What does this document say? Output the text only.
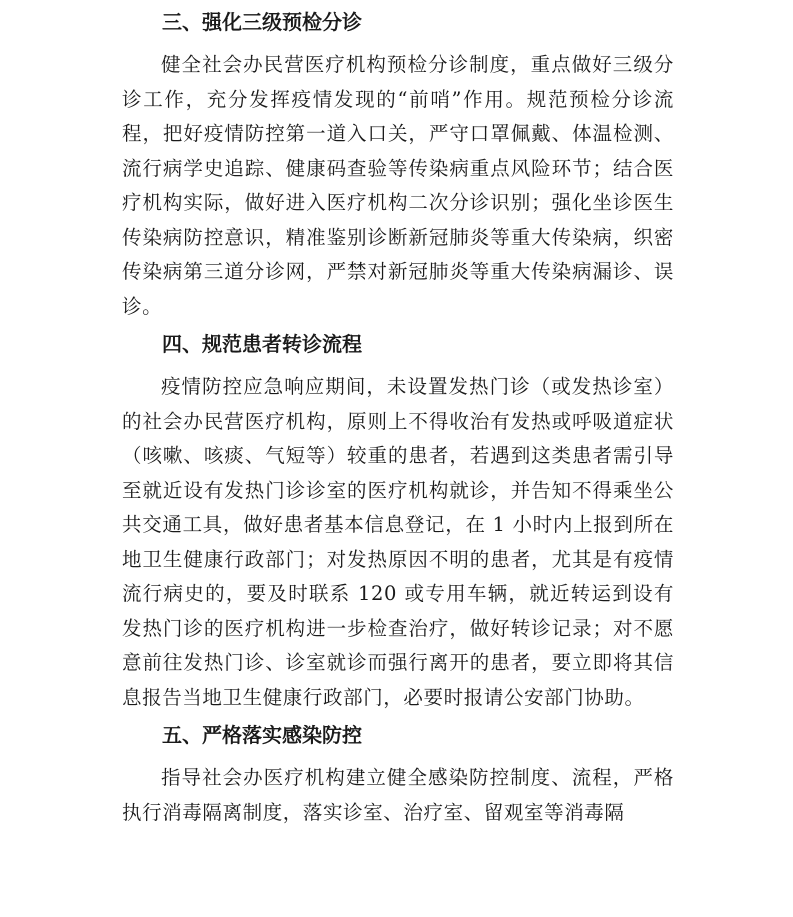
三、强化三级预检分诊

健全社会办民营医疗机构预检分诊制度，重点做好三级分诊工作，充分发挥疫情发现的“前哨”作用。规范预检分诊流程，把好疫情防控第一道入口关，严守口罩佩戴、体温检测、流行病学史追踪、健康码查验等传染病重点风险环节；结合医疗机构实际，做好进入医疗机构二次分诊识别；强化坐诊医生传染病防控意识，精准鉴别诊断新冠肺炎等重大传染病，织密传染病第三道分诊网，严禁对新冠肺炎等重大传染病漏诊、误诊。

四、规范患者转诊流程

疫情防控应急响应期间，未设置发热门诊（或发热诊室）的社会办民营医疗机构，原则上不得收治有发热或呼吸道症状（咳嗽、咳痰、气短等）较重的患者，若遇到这类患者需引导至就近设有发热门诊诊室的医疗机构就诊，并告知不得乘坐公共交通工具，做好患者基本信息登记，在 1 小时内上报到所在地卫生健康行政部门；对发热原因不明的患者，尤其是有疫情流行病史的，要及时联系 120 或专用车辆，就近转运到设有发热门诊的医疗机构进一步检查治疗，做好转诊记录；对不愿意前往发热门诊、诊室就诊而强行离开的患者，要立即将其信息报告当地卫生健康行政部门，必要时报请公安部门协助。

五、严格落实感染防控

指导社会办医疗机构建立健全感染防控制度、流程，严格执行消毒隔离制度，落实诊室、治疗室、留观室等消毒隔
